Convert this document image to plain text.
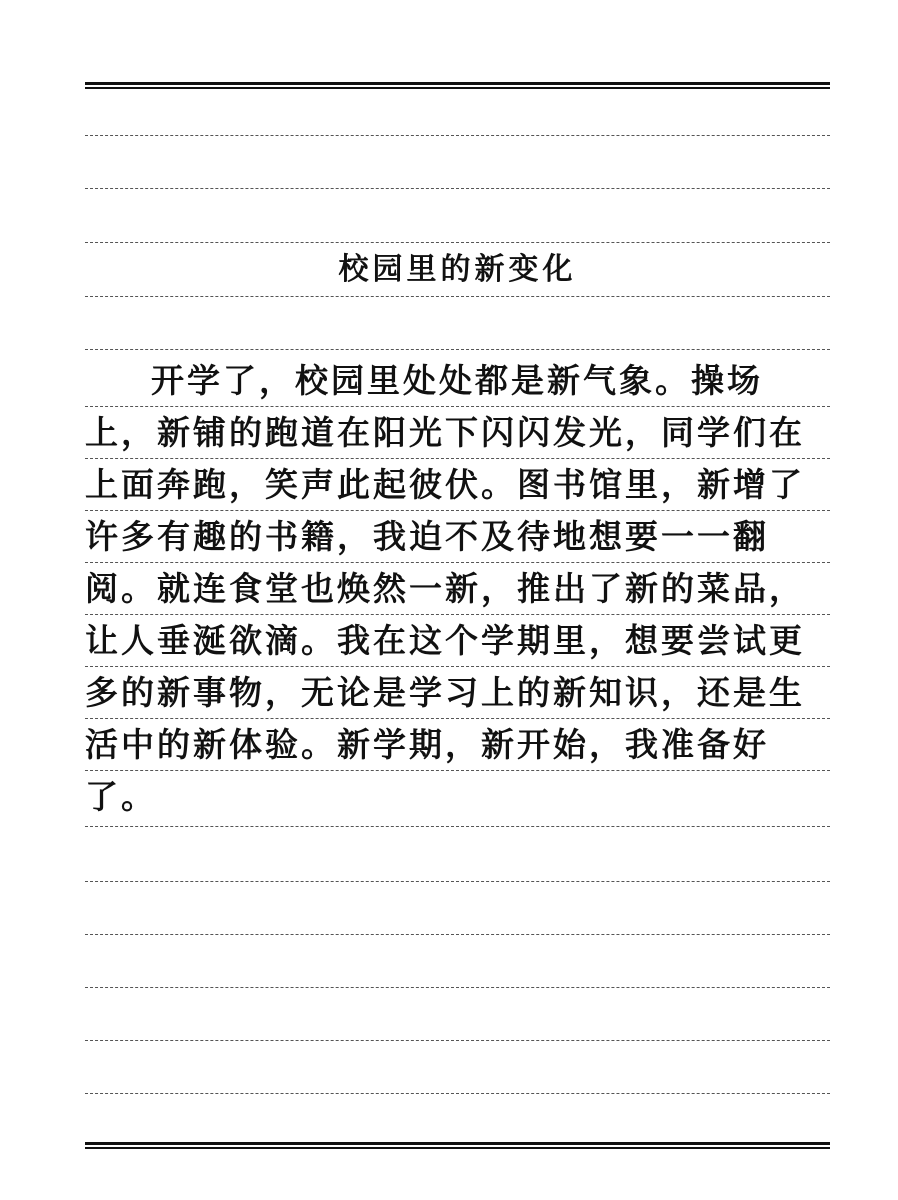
校园里的新变化

开学了，校园里处处都是新气象。操场上，新铺的跑道在阳光下闪闪发光，同学们在上面奔跑，笑声此起彼伏。图书馆里，新增了许多有趣的书籍，我迫不及待地想要一一翻阅。就连食堂也焕然一新，推出了新的菜品，让人垂涎欲滴。我在这个学期里，想要尝试更多的新事物，无论是学习上的新知识，还是生活中的新体验。新学期，新开始，我准备好了。
